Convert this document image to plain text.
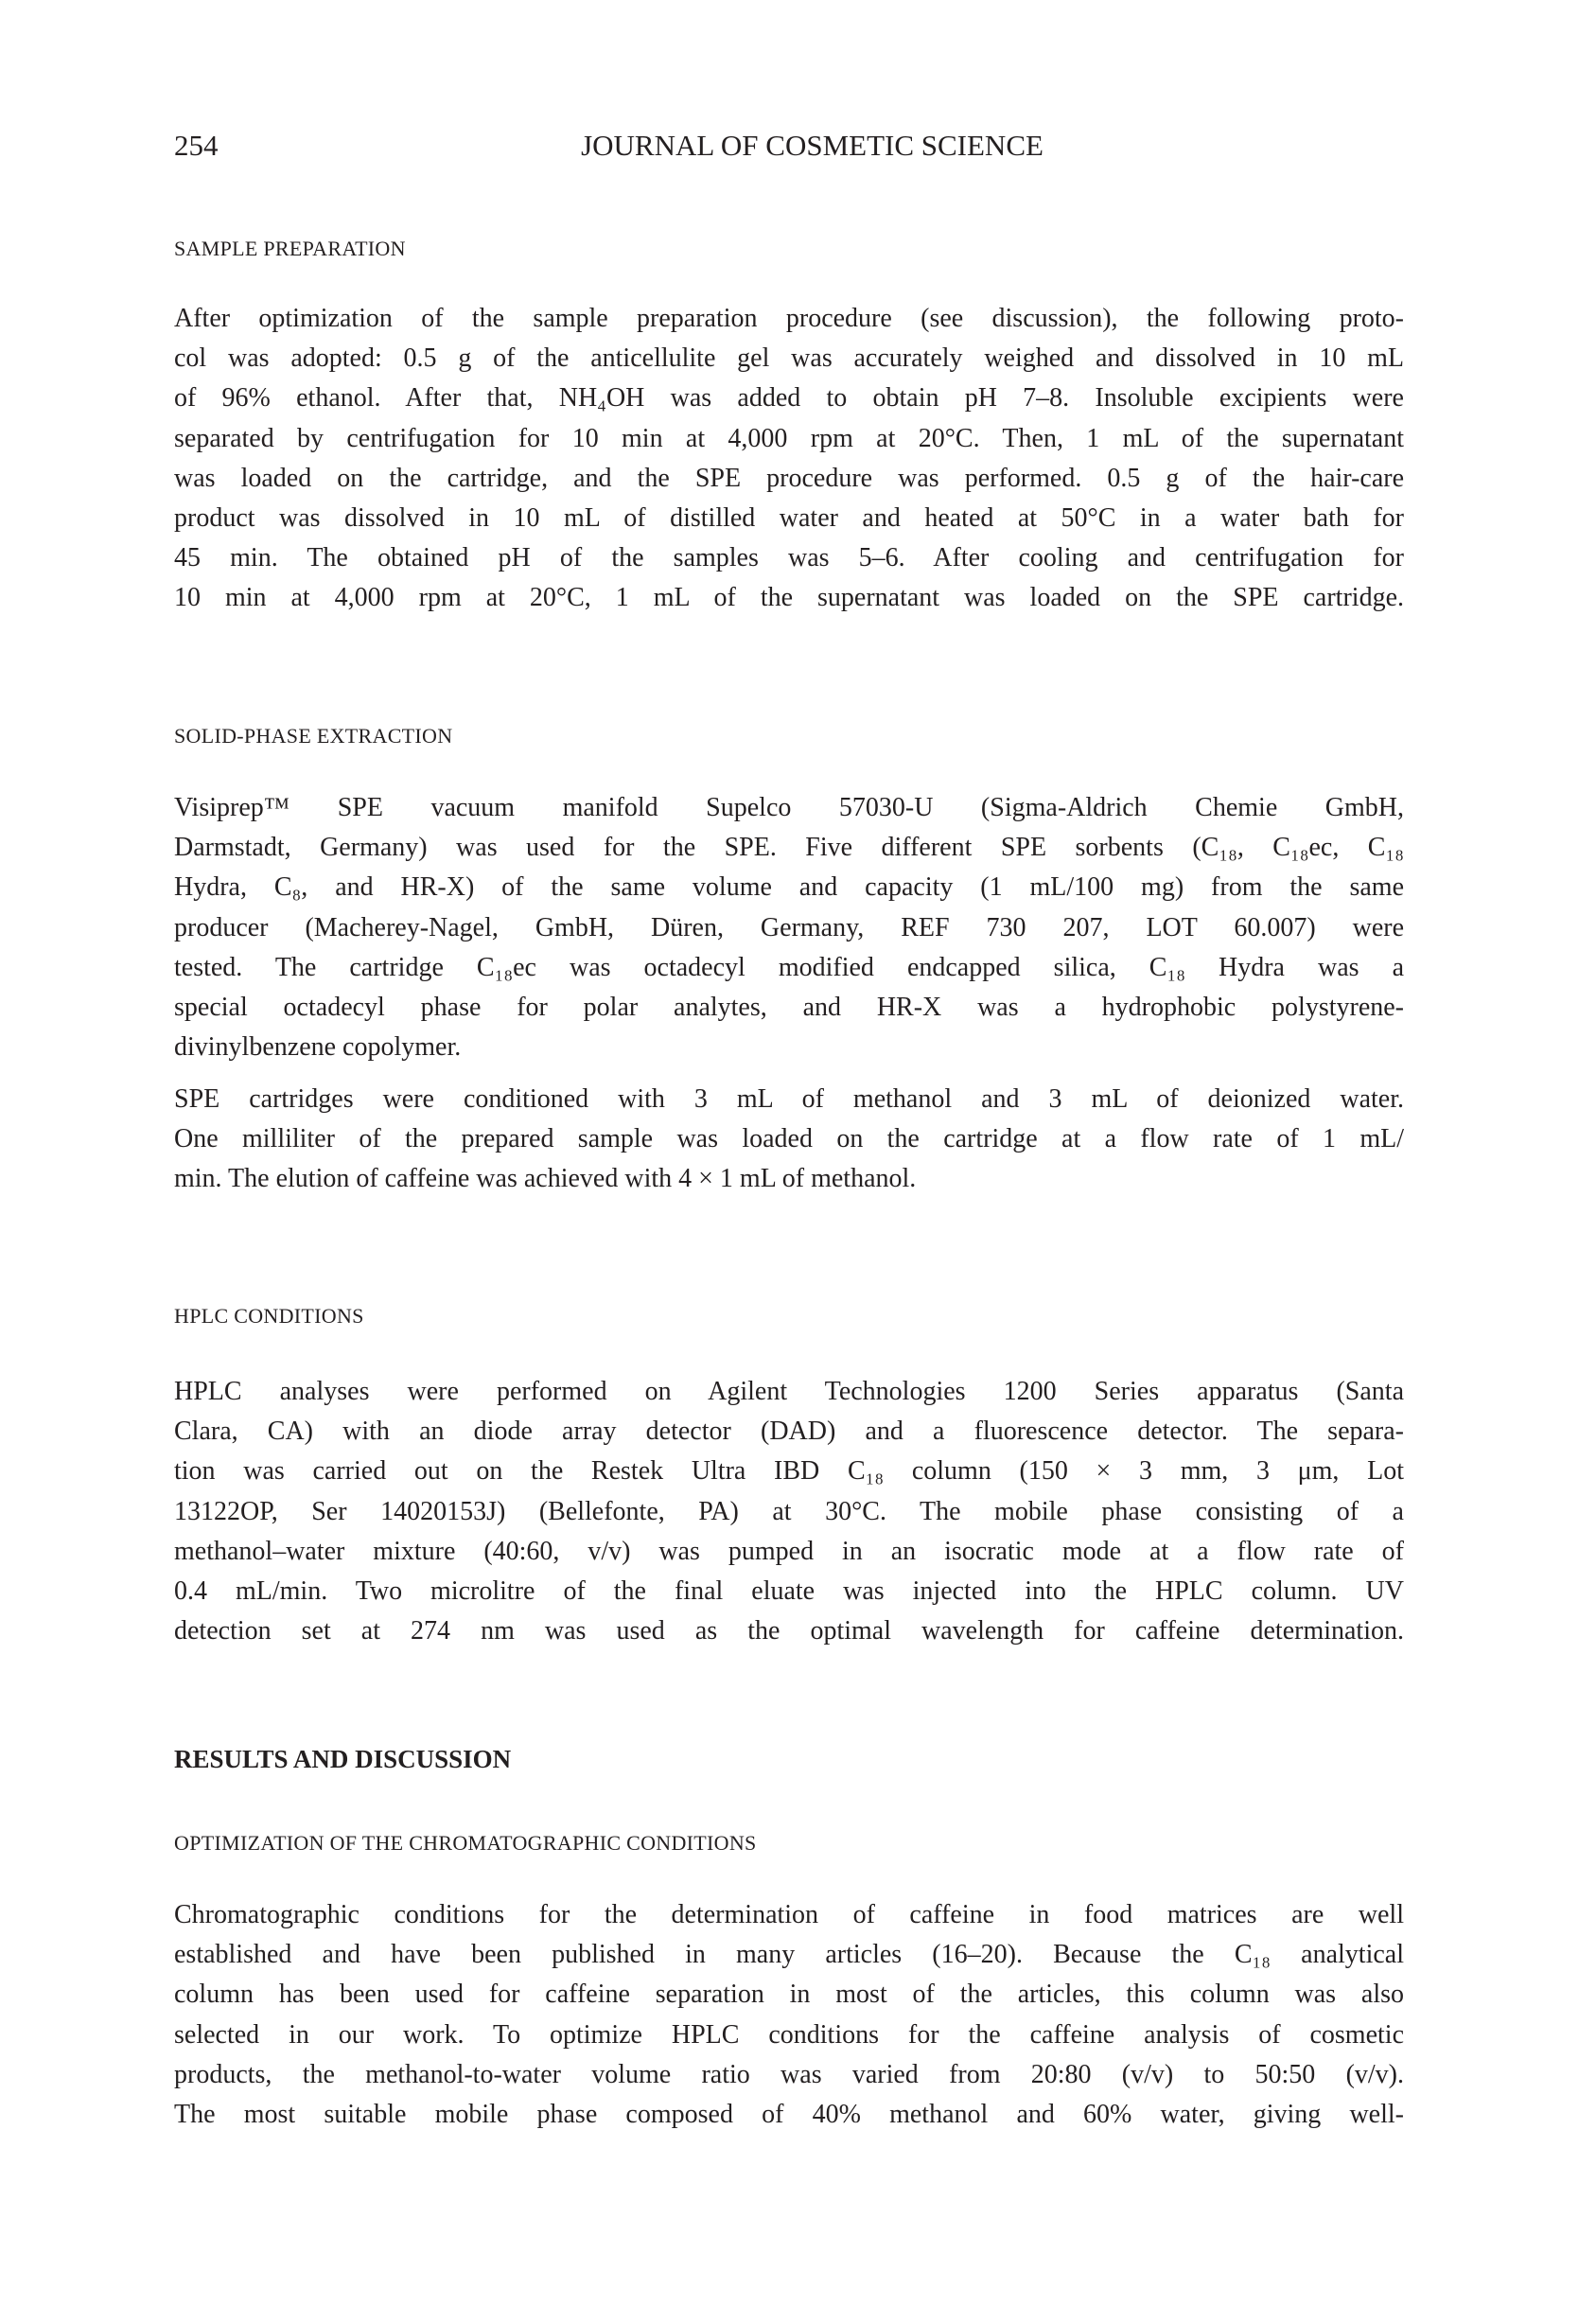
254	JOURNAL OF COSMETIC SCIENCE
SAMPLE PREPARATION
After optimization of the sample preparation procedure (see discussion), the following proto-
col was adopted: 0.5 g of the anticellulite gel was accurately weighed and dissolved in 10 mL
of 96% ethanol. After that, NH₄OH was added to obtain pH 7–8. Insoluble excipients were
separated by centrifugation for 10 min at 4,000 rpm at 20°C. Then, 1 mL of the supernatant
was loaded on the cartridge, and the SPE procedure was performed. 0.5 g of the hair-care
product was dissolved in 10 mL of distilled water and heated at 50°C in a water bath for
45 min. The obtained pH of the samples was 5–6. After cooling and centrifugation for
10 min at 4,000 rpm at 20°C, 1 mL of the supernatant was loaded on the SPE cartridge.
SOLID-PHASE EXTRACTION
Visiprep™ SPE vacuum manifold Supelco 57030-U (Sigma-Aldrich Chemie GmbH,
Darmstadt, Germany) was used for the SPE. Five different SPE sorbents (C₁₈, C₁₈ec, C₁₈
Hydra, C₈, and HR-X) of the same volume and capacity (1 mL/100 mg) from the same
producer (Macherey-Nagel, GmbH, Düren, Germany, REF 730 207, LOT 60.007) were
tested. The cartridge C₁₈ec was octadecyl modified endcapped silica, C₁₈ Hydra was a
special octadecyl phase for polar analytes, and HR-X was a hydrophobic polystyrene-
divinylbenzene copolymer.
SPE cartridges were conditioned with 3 mL of methanol and 3 mL of deionized water.
One milliliter of the prepared sample was loaded on the cartridge at a flow rate of 1 mL/
min. The elution of caffeine was achieved with 4 × 1 mL of methanol.
HPLC CONDITIONS
HPLC analyses were performed on Agilent Technologies 1200 Series apparatus (Santa
Clara, CA) with an diode array detector (DAD) and a fluorescence detector. The separa-
tion was carried out on the Restek Ultra IBD C₁₈ column (150 × 3 mm, 3 μm, Lot
13122OP, Ser 14020153J) (Bellefonte, PA) at 30°C. The mobile phase consisting of a
methanol–water mixture (40:60, v/v) was pumped in an isocratic mode at a flow rate of
0.4 mL/min. Two microlitre of the final eluate was injected into the HPLC column. UV
detection set at 274 nm was used as the optimal wavelength for caffeine determination.
RESULTS AND DISCUSSION
OPTIMIZATION OF THE CHROMATOGRAPHIC CONDITIONS
Chromatographic conditions for the determination of caffeine in food matrices are well
established and have been published in many articles (16–20). Because the C₁₈ analytical
column has been used for caffeine separation in most of the articles, this column was also
selected in our work. To optimize HPLC conditions for the caffeine analysis of cosmetic
products, the methanol-to-water volume ratio was varied from 20:80 (v/v) to 50:50 (v/v).
The most suitable mobile phase composed of 40% methanol and 60% water, giving well-
